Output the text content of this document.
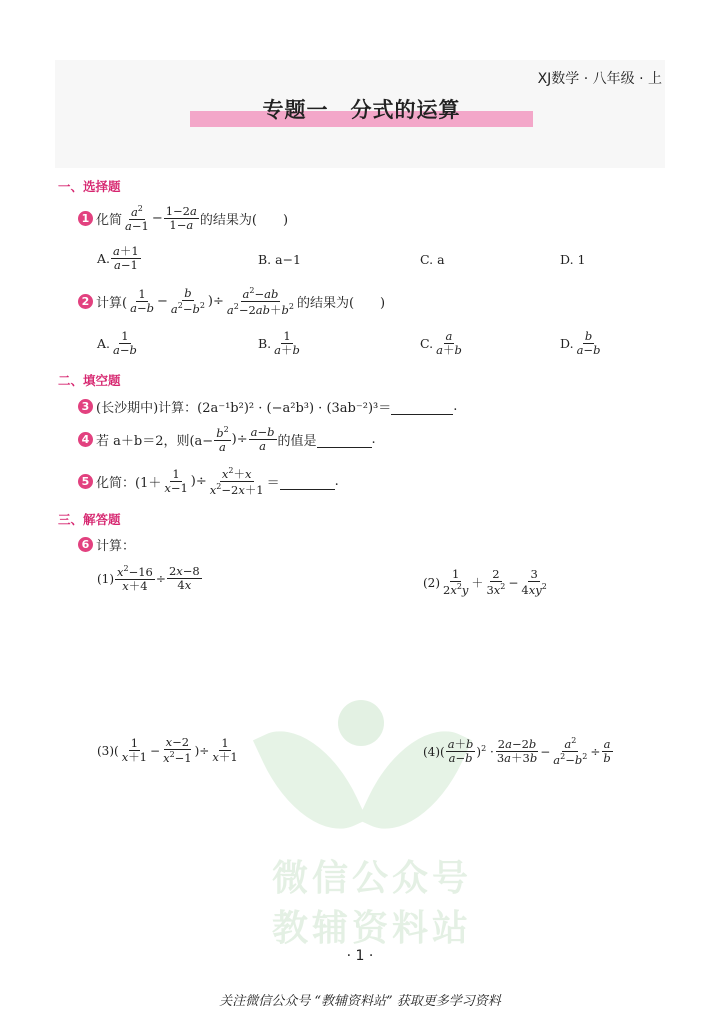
XJ数学 · 八年级 · 上
专题一　分式的运算
微信公众号
教辅资料站
一、选择题
1 化简 $\frac{a^2}{a-1} - \frac{1-2a}{1-a}$ 的结果为(　　)
A. $\frac{a+1}{a-1}$	B. a−1	C. a	D. 1
2 计算( $\frac{1}{a-b} - \frac{b}{a^2-b^2}$ )÷ $\frac{a^2-ab}{a^2-2ab+b^2}$ 的结果为(　　)
A. $\frac{1}{a-b}$	B. $\frac{1}{a+b}$	C. $\frac{a}{a+b}$	D. $\frac{b}{a-b}$
二、填空题
3 (长沙期中)计算：(2a⁻¹b²)² · (−a²b³) · (3ab⁻²)³＝
	.
4 若 a＋b＝2，则($a- \frac{b^2}{a}$ )÷ $\frac{a-b}{a}$ 的值是
	.
5 化简：($1+ \frac{1}{x-1}$ )÷ $\frac{x^2+x}{x^2-2x+1}$ ＝
	.
三、解答题
6 计算：
$(1) \frac{x^2-16}{x+4} \div \frac{2x-8}{4x}$	$(2) \frac{1}{2x^2y} + \frac{2}{3x^2} - \frac{3}{4xy^2}$
(3) ( $\frac{1}{x+1} - \frac{x-2}{x^2-1}$ )÷ $\frac{1}{x+1}$	(4) ( $\frac{a+b}{a-b} )^2 \cdot \frac{2a-2b}{3a+3b} - \frac{a^2}{a^2-b^2} \div \frac{a}{b}$
· 1 ·
关注微信公众号 “教辅资料站” 获取更多学习资料
